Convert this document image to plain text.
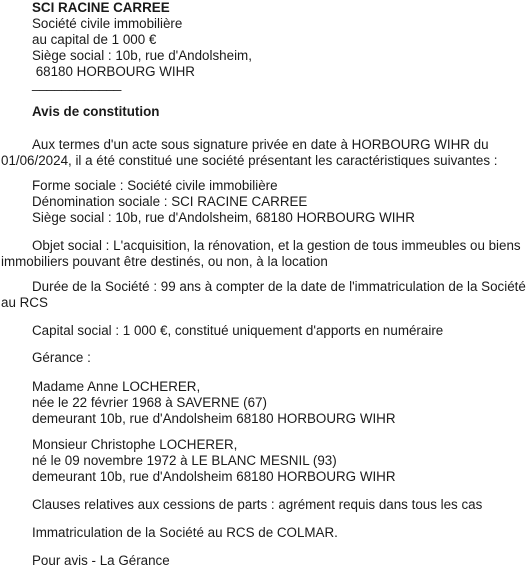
SCI RACINE CARREE
Société civile immobilière
au capital de 1 000 €
Siège social : 10b, rue d'Andolsheim,
68180 HORBOURG WIHR
____________
Avis de constitution
Aux termes d'un acte sous signature privée en date à HORBOURG WIHR du
01/06/2024, il a été constitué une société présentant les caractéristiques suivantes :
Forme sociale : Société civile immobilière
Dénomination sociale : SCI RACINE CARREE
Siège social : 10b, rue d'Andolsheim, 68180 HORBOURG WIHR
Objet social : L'acquisition, la rénovation, et la gestion de tous immeubles ou biens
immobiliers pouvant être destinés, ou non, à la location
Durée de la Société : 99 ans à compter de la date de l'immatriculation de la Société
au RCS
Capital social : 1 000 €, constitué uniquement d'apports en numéraire
Gérance :
Madame Anne LOCHERER,
née le 22 février 1968 à SAVERNE (67)
demeurant 10b, rue d'Andolsheim 68180 HORBOURG WIHR
Monsieur Christophe LOCHERER,
né le 09 novembre 1972 à LE BLANC MESNIL (93)
demeurant 10b, rue d'Andolsheim 68180 HORBOURG WIHR
Clauses relatives aux cessions de parts : agrément requis dans tous les cas
Immatriculation de la Société au RCS de COLMAR.
Pour avis - La Gérance
